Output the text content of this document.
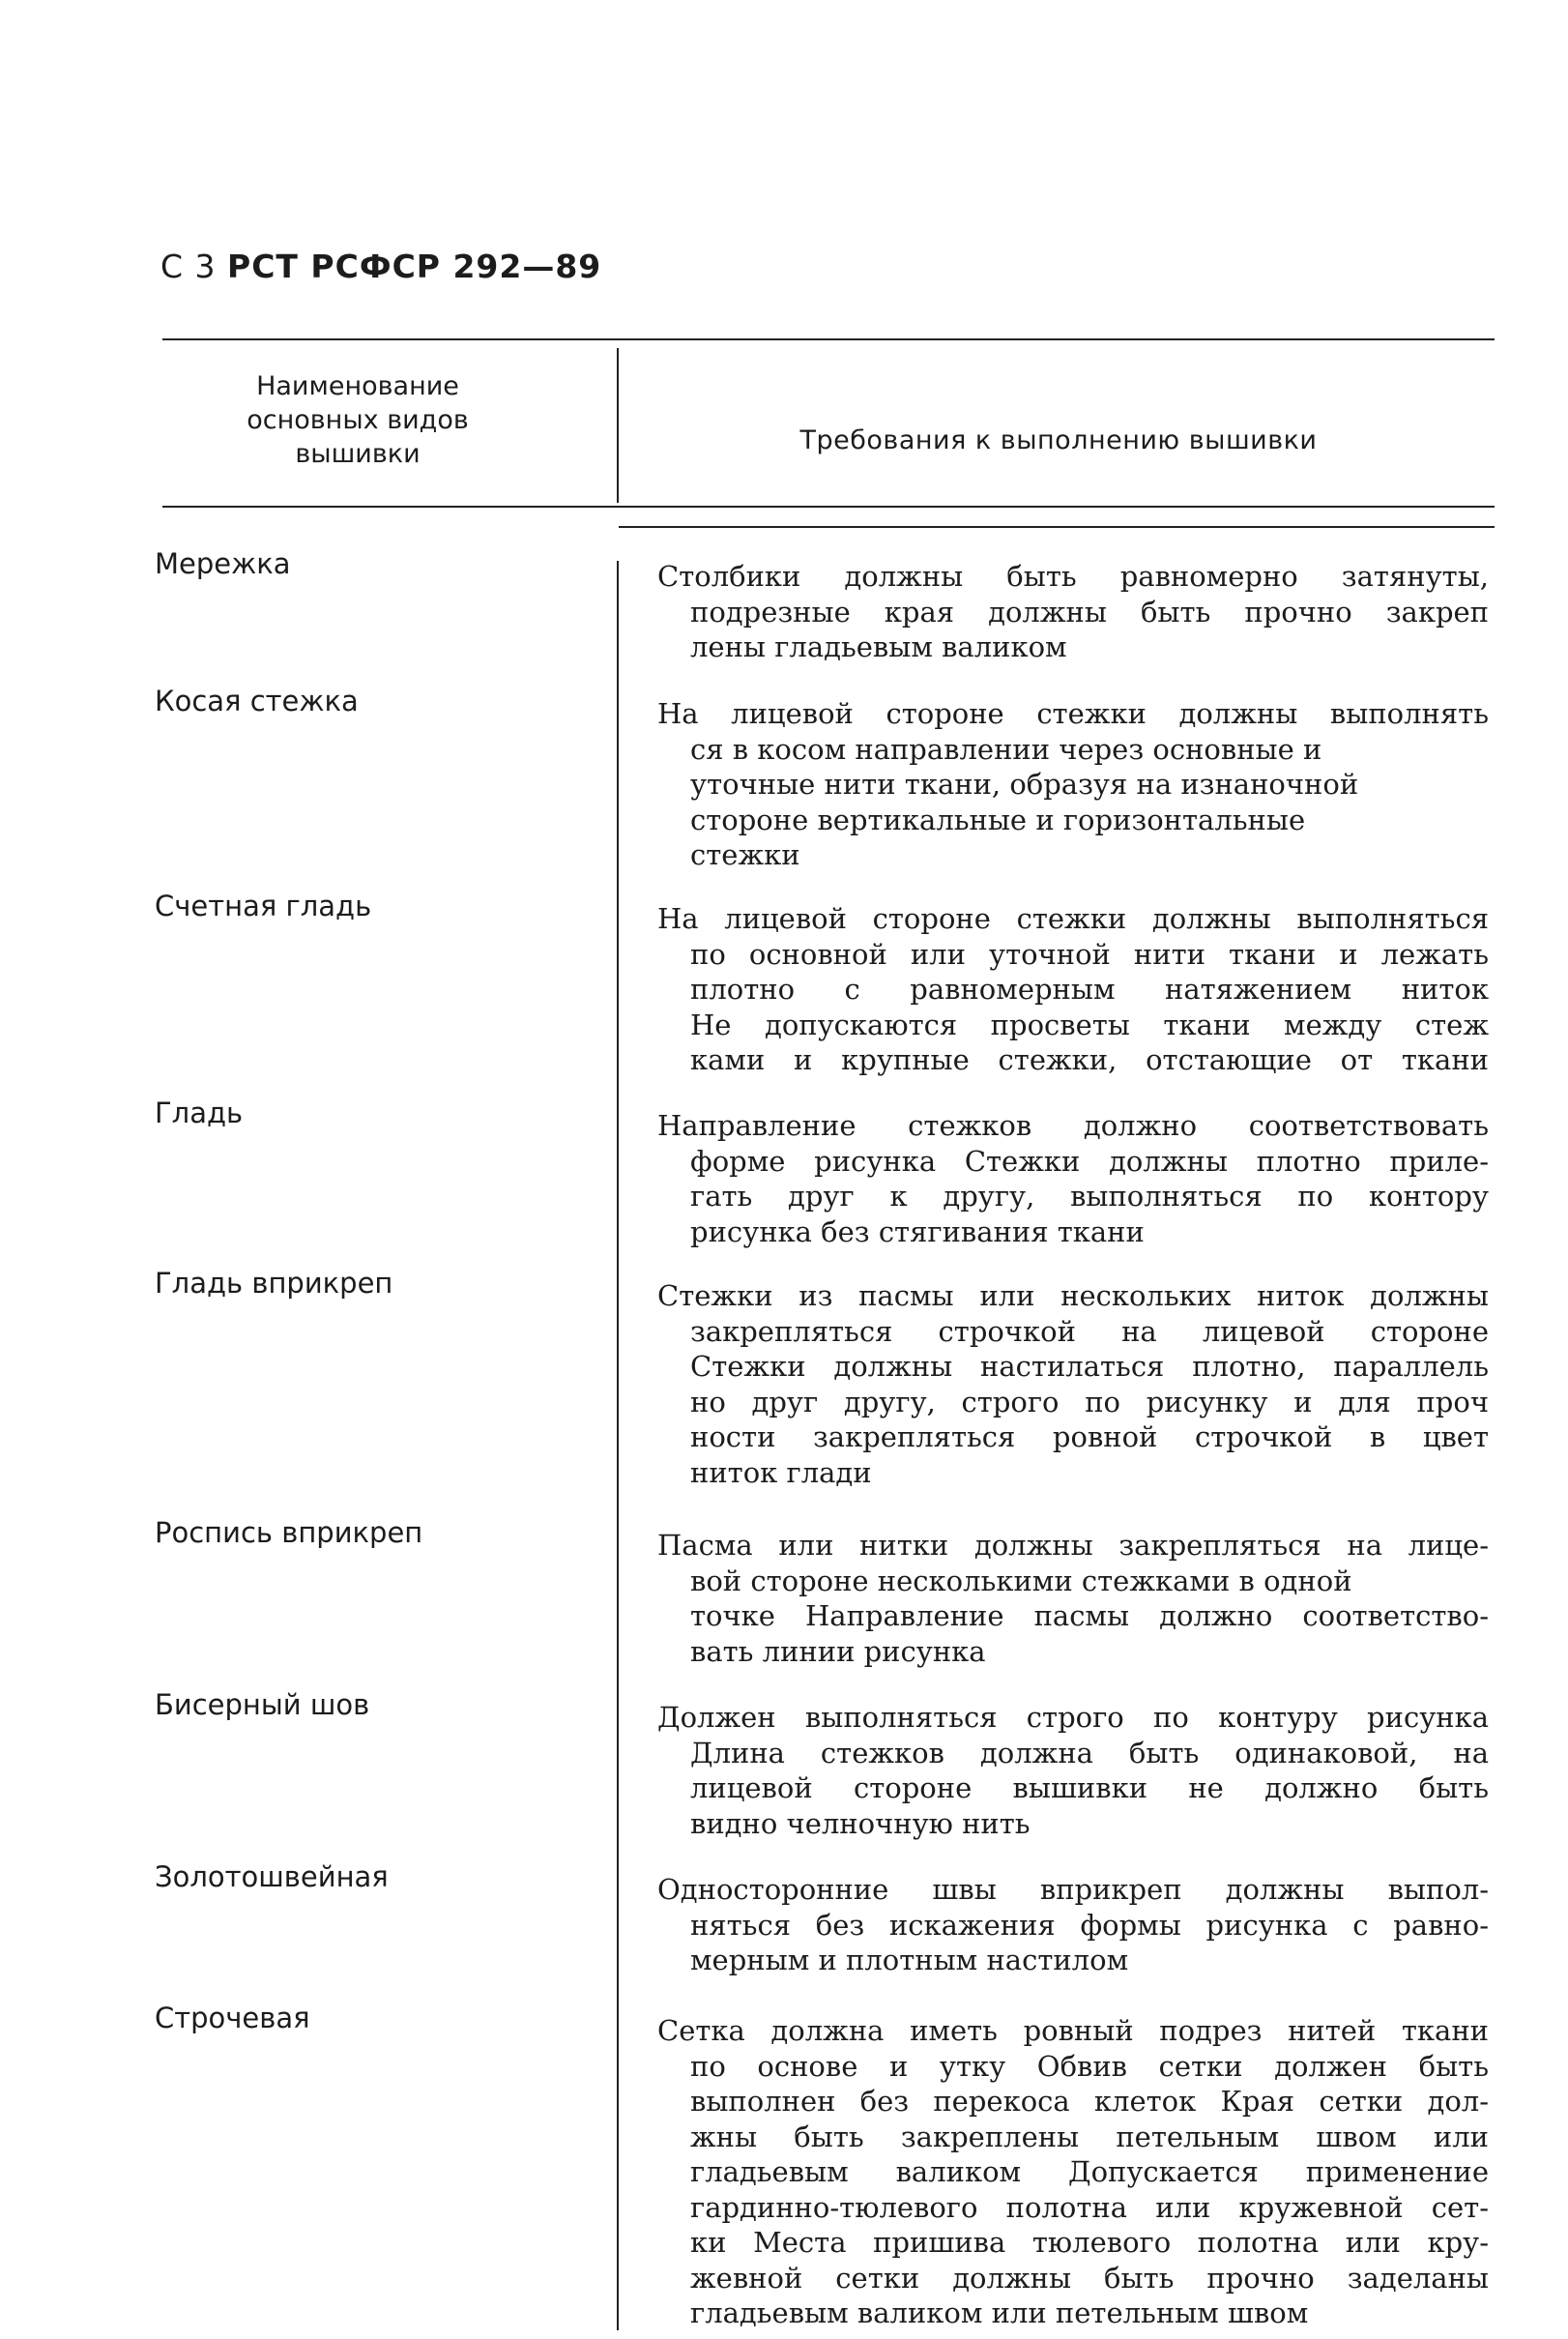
С 3 РСТ РСФСР 292—89
Наименование
основных видов
вышивки	Требования к выполнению вышивки
Мережка	Столбики должны быть равномерно затянуты,
подрезные края должны быть прочно закреп
лены гладьевым валиком
Косая стежка	На лицевой стороне стежки должны выполнять
ся в косом направлении через основные и
уточные нити ткани, образуя на изнаночной
стороне вертикальные и горизонтальные
стежки
Счетная гладь	На лицевой стороне стежки должны выполняться
по основной или уточной нити ткани и лежать
плотно с равномерным натяжением ниток
Не допускаются просветы ткани между стеж
ками и крупные стежки, отстающие от ткани
Гладь	Направление стежков должно соответствовать
форме рисунка Стежки должны плотно приле-
гать друг к другу, выполняться по контору
рисунка без стягивания ткани
Гладь вприкреп	Стежки из пасмы или нескольких ниток должны
закрепляться строчкой на лицевой стороне
Стежки должны настилаться плотно, параллель
но друг другу, строго по рисунку и для проч
ности закрепляться ровной строчкой в цвет
ниток глади
Роспись вприкреп	Пасма или нитки должны закрепляться на лице-
вой стороне несколькими стежками в одной
точке Направление пасмы должно соответство-
вать линии рисунка
Бисерный шов	Должен выполняться строго по контуру рисунка
Длина стежков должна быть одинаковой, на
лицевой стороне вышивки не должно быть
видно челночную нить
Золотошвейная	Односторонние швы вприкреп должны выпол-
няться без искажения формы рисунка с равно-
мерным и плотным настилом
Строчевая	Сетка должна иметь ровный подрез нитей ткани
по основе и утку Обвив сетки должен быть
выполнен без перекоса клеток Края сетки дол-
жны быть закреплены петельным швом или
гладьевым валиком Допускается применение
гардинно-тюлевого полотна или кружевной сет-
ки Места пришива тюлевого полотна или кру-
жевной сетки должны быть прочно заделаны
гладьевым валиком или петельным швом
